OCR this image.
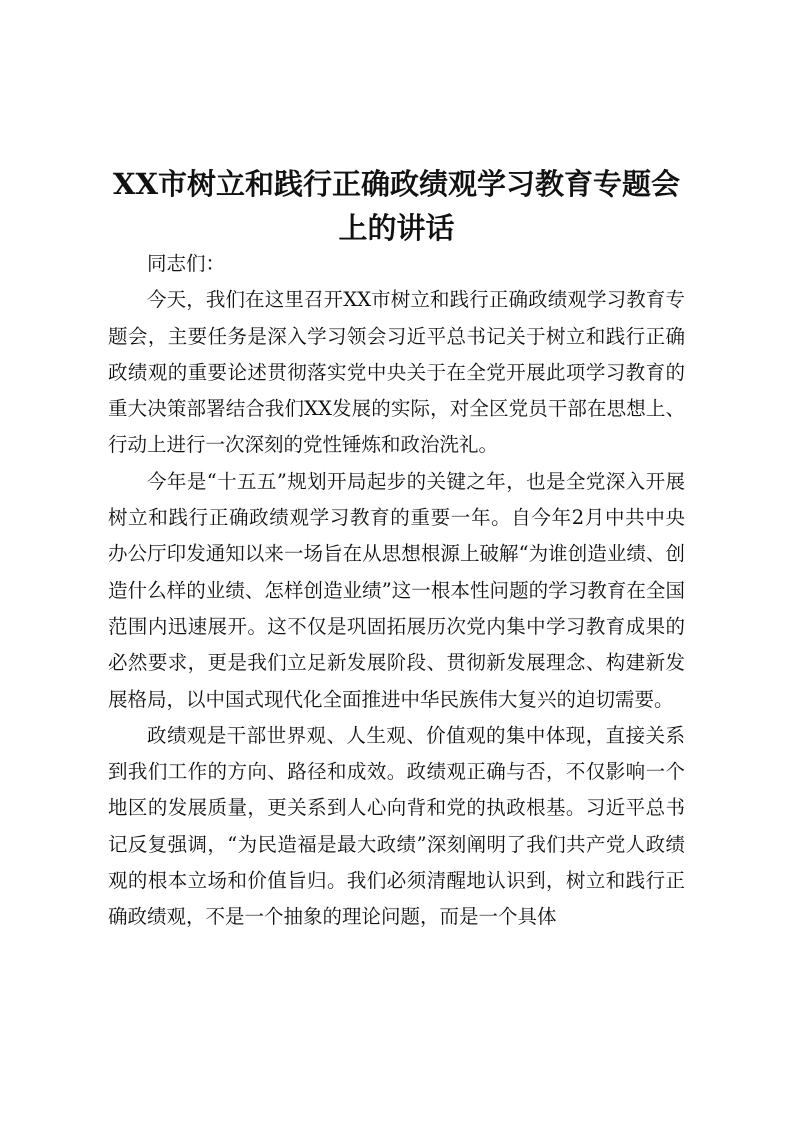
XX市树立和践行正确政绩观学习教育专题会
上的讲话

同志们：

今天，我们在这里召开XX市树立和践行正确政绩观学习教育专题会，主要任务是深入学习领会习近平总书记关于树立和践行正确政绩观的重要论述贯彻落实党中央关于在全党开展此项学习教育的重大决策部署结合我们XX发展的实际，对全区党员干部在思想上、行动上进行一次深刻的党性锤炼和政治洗礼。

今年是“十五五”规划开局起步的关键之年，也是全党深入开展树立和践行正确政绩观学习教育的重要一年。自今年2月中共中央办公厅印发通知以来一场旨在从思想根源上破解“为谁创造业绩、创造什么样的业绩、怎样创造业绩”这一根本性问题的学习教育在全国范围内迅速展开。这不仅是巩固拓展历次党内集中学习教育成果的必然要求，更是我们立足新发展阶段、贯彻新发展理念、构建新发展格局，以中国式现代化全面推进中华民族伟大复兴的迫切需要。

政绩观是干部世界观、人生观、价值观的集中体现，直接关系到我们工作的方向、路径和成效。政绩观正确与否，不仅影响一个地区的发展质量，更关系到人心向背和党的执政根基。习近平总书记反复强调，“为民造福是最大政绩”深刻阐明了我们共产党人政绩观的根本立场和价值旨归。我们必须清醒地认识到，树立和践行正确政绩观，不是一个抽象的理论问题，而是一个具体
